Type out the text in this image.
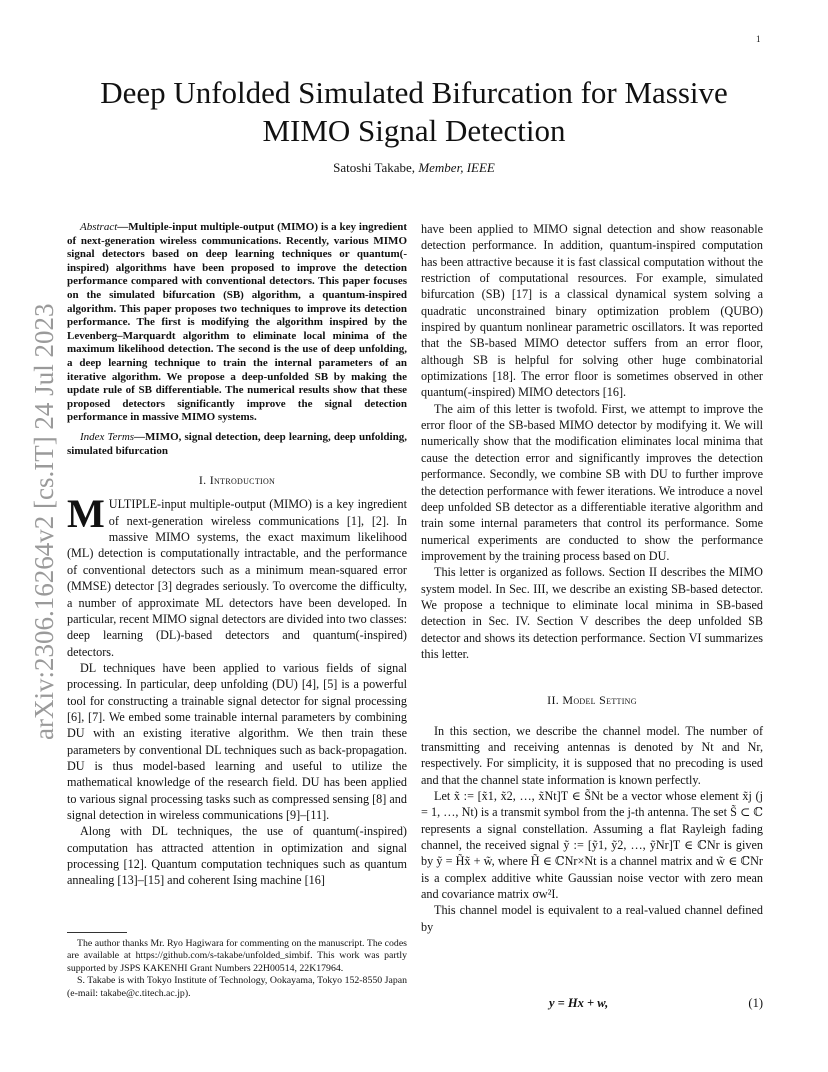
1
arXiv:2306.16264v2 [cs.IT] 24 Jul 2023
Deep Unfolded Simulated Bifurcation for Massive
MIMO Signal Detection
Satoshi Takabe, Member, IEEE

Abstract—Multiple-input multiple-output (MIMO) is a key ingredient of next-generation wireless communications. Recently, various MIMO signal detectors based on deep learning techniques or quantum(-inspired) algorithms have been proposed to improve the detection performance compared with conventional detectors. This paper focuses on the simulated bifurcation (SB) algorithm, a quantum-inspired algorithm. This paper proposes two techniques to improve its detection performance. The first is modifying the algorithm inspired by the Levenberg–Marquardt algorithm to eliminate local minima of the maximum likelihood detection. The second is the use of deep unfolding, a deep learning technique to train the internal parameters of an iterative algorithm. We propose a deep-unfolded SB by making the update rule of SB differentiable. The numerical results show that these proposed detectors significantly improve the signal detection performance in massive MIMO systems.

Index Terms—MIMO, signal detection, deep learning, deep unfolding, simulated bifurcation

I. Introduction

MULTIPLE-input multiple-output (MIMO) is a key ingredient of next-generation wireless communications [1], [2]. In massive MIMO systems, the exact maximum likelihood (ML) detection is computationally intractable, and the performance of conventional detectors such as a minimum mean-squared error (MMSE) detector [3] degrades seriously. To overcome the difficulty, a number of approximate ML detectors have been developed. In particular, recent MIMO signal detectors are divided into two classes: deep learning (DL)-based detectors and quantum(-inspired) detectors.

DL techniques have been applied to various fields of signal processing. In particular, deep unfolding (DU) [4], [5] is a powerful tool for constructing a trainable signal detector for signal processing [6], [7]. We embed some trainable internal parameters by combining DU with an existing iterative algorithm. We then train these parameters by conventional DL techniques such as back-propagation. DU is thus model-based learning and useful to utilize the mathematical knowledge of the research field. DU has been applied to various signal processing tasks such as compressed sensing [8] and signal detection in wireless communications [9]–[11].

Along with DL techniques, the use of quantum(-inspired) computation has attracted attention in optimization and signal processing [12]. Quantum computation techniques such as quantum annealing [13]–[15] and coherent Ising machine [16]

The author thanks Mr. Ryo Hagiwara for commenting on the manuscript. The codes are available at https://github.com/s-takabe/unfolded_simbif. This work was partly supported by JSPS KAKENHI Grant Numbers 22H00514, 22K17964.

S. Takabe is with Tokyo Institute of Technology, Ookayama, Tokyo 152-8550 Japan (e-mail: takabe@c.titech.ac.jp).

have been applied to MIMO signal detection and show reasonable detection performance. In addition, quantum-inspired computation has been attractive because it is fast classical computation without the restriction of computational resources. For example, simulated bifurcation (SB) [17] is a classical dynamical system solving a quadratic unconstrained binary optimization problem (QUBO) inspired by quantum nonlinear parametric oscillators. It was reported that the SB-based MIMO detector suffers from an error floor, although SB is helpful for solving other huge combinatorial optimizations [18]. The error floor is sometimes observed in other quantum(-inspired) MIMO detectors [16].

The aim of this letter is twofold. First, we attempt to improve the error floor of the SB-based MIMO detector by modifying it. We will numerically show that the modification eliminates local minima that cause the detection error and significantly improves the detection performance. Secondly, we combine SB with DU to further improve the detection performance with fewer iterations. We introduce a novel deep unfolded SB detector as a differentiable iterative algorithm and train some internal parameters that control its performance. Some numerical experiments are conducted to show the performance improvement by the training process based on DU.

This letter is organized as follows. Section II describes the MIMO system model. In Sec. III, we describe an existing SB-based detector. We propose a technique to eliminate local minima in SB-based detection in Sec. IV. Section V describes the deep unfolded SB detector and shows its detection performance. Section VI summarizes this letter.

II. Model Setting

In this section, we describe the channel model. The number of transmitting and receiving antennas is denoted by Nt and Nr, respectively. For simplicity, it is supposed that no precoding is used and that the channel state information is known perfectly.

Let x̃ := [x̃1, x̃2, …, x̃Nt]T ∈ S̃Nt be a vector whose element x̃j (j = 1, …, Nt) is a transmit symbol from the j-th antenna. The set S̃ ⊂ ℂ represents a signal constellation. Assuming a flat Rayleigh fading channel, the received signal ỹ := [ỹ1, ỹ2, …, ỹNr]T ∈ ℂNr is given by ỹ = H̃x̃ + w̃, where H̃ ∈ ℂNr×Nt is a channel matrix and w̃ ∈ ℂNr is a complex additive white Gaussian noise vector with zero mean and covariance matrix σw²I.

This channel model is equivalent to a real-valued channel defined by

y = Hx + w,	(1)
